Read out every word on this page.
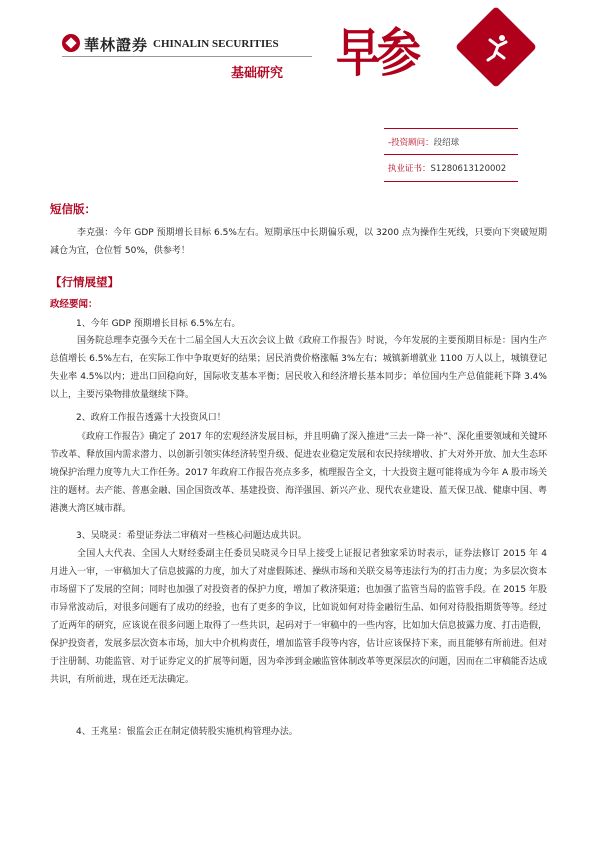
華林證券 CHINALIN SECURITIES
基础研究 早参
-投资顾问：段绍球
执业证书：S1280613120002
短信版：
李克强：今年 GDP 预期增长目标 6.5%左右。短期承压中长期偏乐观，以 3200 点为操作生死线，只要向下突破短期减仓为宜，仓位暂 50%，供参考！
【行情展望】
政经要闻：
1、今年 GDP 预期增长目标 6.5%左右。
国务院总理李克强今天在十二届全国人大五次会议上做《政府工作报告》时说，今年发展的主要预期目标是：国内生产总值增长 6.5%左右，在实际工作中争取更好的结果；居民消费价格涨幅 3%左右；城镇新增就业 1100 万人以上，城镇登记失业率 4.5%以内；进出口回稳向好，国际收支基本平衡；居民收入和经济增长基本同步；单位国内生产总值能耗下降 3.4%以上，主要污染物排放量继续下降。
2、政府工作报告透露十大投资风口！
《政府工作报告》确定了 2017 年的宏观经济发展目标，并且明确了深入推进“三去一降一补”、深化重要领域和关键环节改革、释放国内需求潜力、以创新引领实体经济转型升级、促进农业稳定发展和农民持续增收、扩大对外开放、加大生态环境保护治理力度等九大工作任务。2017 年政府工作报告亮点多多，梳理报告全文，十大投资主题可能将成为今年 A 股市场关注的题材。去产能、普惠金融、国企国资改革、基建投资、海洋强国、新兴产业、现代农业建设、蓝天保卫战、健康中国、粤港澳大湾区城市群。
3、吴晓灵：希望证券法二审稿对一些核心问题达成共识。
全国人大代表、全国人大财经委副主任委员吴晓灵今日早上接受上证报记者独家采访时表示，证券法修订 2015 年 4 月进入一审，一审稿加大了信息披露的力度，加大了对虚假陈述、操纵市场和关联交易等违法行为的打击力度；为多层次资本市场留下了发展的空间；同时也加强了对投资者的保护力度，增加了救济渠道；也加强了监管当局的监管手段。在 2015 年股市异常波动后，对很多问题有了成功的经验，也有了更多的争议，比如说如何对待金融衍生品、如何对待股指期货等等。经过了近两年的研究，应该说在很多问题上取得了一些共识，起码对于一审稿中的一些内容，比如加大信息披露力度、打击造假，保护投资者，发展多层次资本市场，加大中介机构责任，增加监管手段等内容，估计应该保持下来，而且能够有所前进。但对于注册制、功能监管、对于证券定义的扩展等问题，因为牵涉到金融监管体制改革等更深层次的问题，因而在二审稿能否达成共识，有所前进，现在还无法确定。
4、王兆星：银监会正在制定债转股实施机构管理办法。
